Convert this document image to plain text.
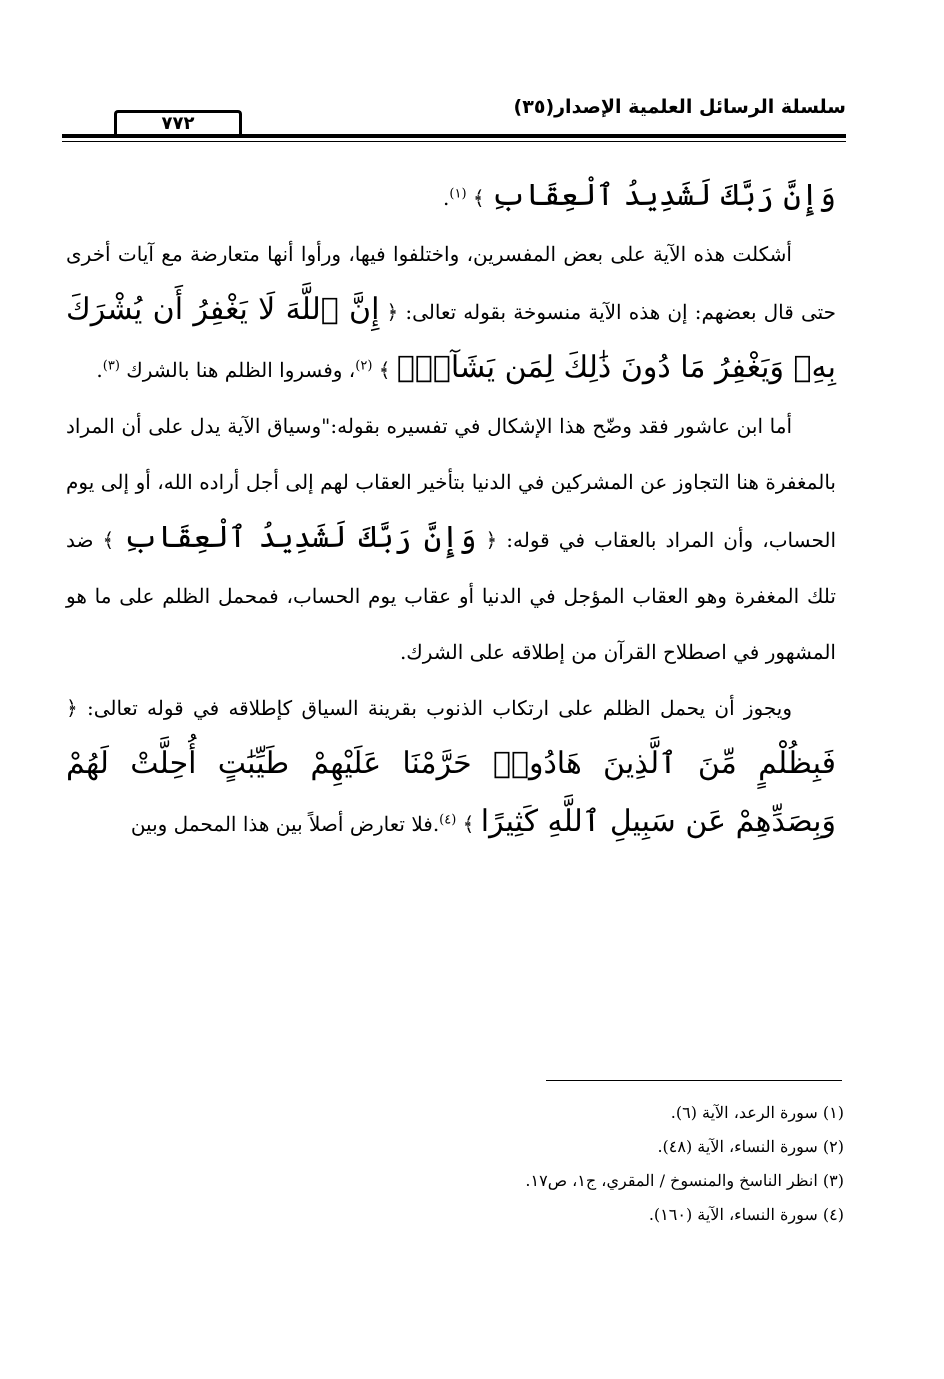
سلسلة الرسائل العلمية الإصدار(٣٥)
٧٧٢

وَإِنَّ رَبَّكَ لَشَدِيدُ ٱلْعِقَابِ ﴾ $^{(١)}$.

أشكلت هذه الآية على بعض المفسرين، واختلفوا فيها، ورأوا أنها متعارضة مع آيات أخرى حتى قال بعضهم: إن هذه الآية منسوخة بقوله تعالى: ﴿ إِنَّ ٱللَّهَ لَا يَغْفِرُ أَن يُشْرَكَ بِهِۦ وَيَغْفِرُ مَا دُونَ ذَٰلِكَ لِمَن يَشَآءُۚ ﴾ $^{(٢)}$، وفسروا الظلم هنا بالشرك $^{(٣)}$.

أما ابن عاشور فقد وضّح هذا الإشكال في تفسيره بقوله:"وسياق الآية يدل على أن المراد بالمغفرة هنا التجاوز عن المشركين في الدنيا بتأخير العقاب لهم إلى أجل أراده الله، أو إلى يوم الحساب، وأن المراد بالعقاب في قوله: ﴿ وَإِنَّ رَبَّكَ لَشَدِيدُ ٱلْعِقَابِ ﴾ ضد تلك المغفرة وهو العقاب المؤجل في الدنيا أو عقاب يوم الحساب، فمحمل الظلم على ما هو المشهور في اصطلاح القرآن من إطلاقه على الشرك.

ويجوز أن يحمل الظلم على ارتكاب الذنوب بقرينة السياق كإطلاقه في قوله تعالى: ﴿ فَبِظُلْمٍ مِّنَ ٱلَّذِينَ هَادُوا۟ حَرَّمْنَا عَلَيْهِمْ طَيِّبَٰتٍ أُحِلَّتْ لَهُمْ وَبِصَدِّهِمْ عَن سَبِيلِ ٱللَّهِ كَثِيرًا ﴾ $^{(٤)}$.فلا تعارض أصلاً بين هذا المحمل وبين

(١) سورة الرعد، الآية (٦).
(٢) سورة النساء، الآية (٤٨).
(٣) انظر الناسخ والمنسوخ / المقري، ج١، ص١٧.
(٤) سورة النساء، الآية (١٦٠).
